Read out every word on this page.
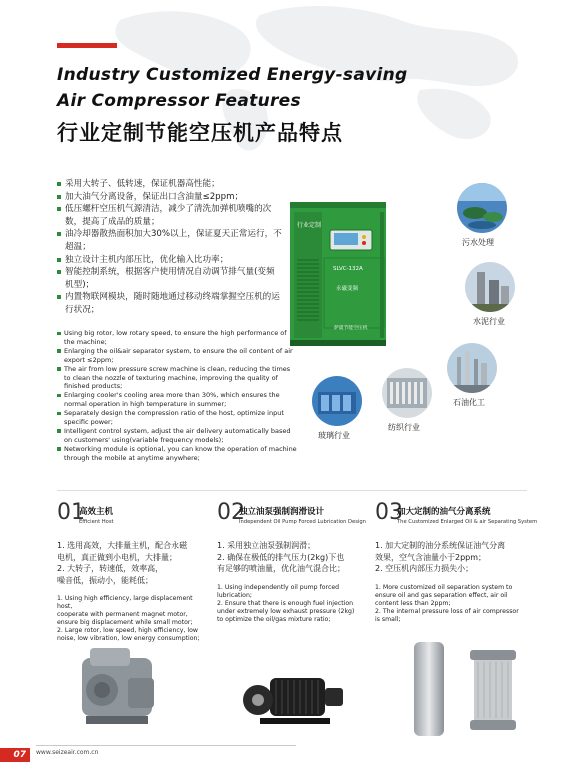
Industry Customized Energy-saving
Air Compressor Features
行业定制节能空压机产品特点
采用大转子、低转速，保证机器高性能；
加大油气分离设备，保证出口含油量≤2ppm；
低压螺杆空压机气源清洁，减少了清洗加弹机喷嘴的次数，提高了成品的质量；
油冷却器散热面积加大30%以上，保证夏天正常运行，不超温；
独立设计主机内部压比，优化输入比功率；
智能控制系统，根据客户使用情况自动调节排气量(变频机型)；
内置物联网模块，随时随地通过移动终端掌握空压机的运行状况；
Using big rotor, low rotary speed, to ensure the high performance of the machine;
Enlarging the oil&air separator system, to ensure the oil content of air export ≤2ppm;
The air from low pressure screw machine is clean, reducing the times to clean the nozzle of texturing machine, improving the quality of finished products;
Enlarging cooler's cooling area more than 30%, which ensures the normal operation in high temperature in summer;
Separately design the compression ratio of the host, optimize input specific power;
Intelligent control system, adjust the air delivery automatically based on customers' using(variable frequency models);
Networking module is optional, you can know the operation of machine through the mobile at anytime anywhere;
行业定制
SLVC-132A
永磁变频
萨震节能空压机
污水处理
水泥行业
石油化工
纺织行业
玻璃行业
01
高效主机
Efficient Host
1. 选用高效，大排量主机，配合永磁
电机，真正做到小电机，大排量；
2. 大转子，转速低，效率高，
噪音低，振动小，能耗低；
1. Using high efficiency, large displacement host,
cooperate with permanent magnet motor,
ensure big displacement while small motor;
2. Large rotor, low speed, high efficiency, low
noise, low vibration, low energy consumption;
02
独立油泵强制润滑设计
Independent Oil Pump Forced Lubrication Design
1. 采用独立油泵强制润滑；
2. 确保在极低的排气压力(2kg)下也
有足够的喷油量，优化油气混合比；
1. Using independently oil pump forced
lubrication;
2. Ensure that there is enough fuel injection
under extremely low exhaust pressure (2kg)
to optimize the oil/gas mixture ratio;
03
加大定制的油气分离系统
The Customized Enlarged Oil & air Separating System
1. 加大定制的油分系统保证油气分离
效果，空气含油量小于2ppm；
2. 空压机内部压力损失小；
1. More customized oil separation system to
ensure oil and gas separation effect, air oil
content less than 2ppm;
2. The internal pressure loss of air compressor
is small;
07	www.seizeair.com.cn
